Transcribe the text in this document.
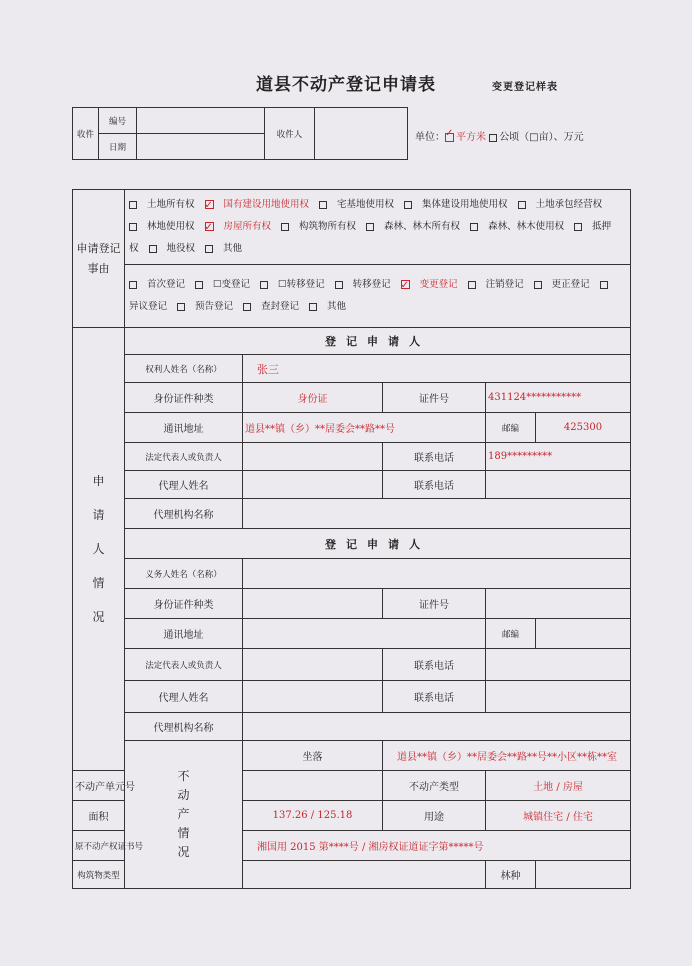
道县不动产登记申请表	变更登记样表
收件	编号		收件人	
	日期			
单位： ✓ 平方米 公顷（□亩）、万元
申请登记事由	土地所有权 ✓ 国有建设用地使用权 宅基地使用权 集体建设用地使用权 土地承包经营权林地使用权 ✓ 房屋所有权 构筑物所有权 森林、林木所有权 森林、林木使用权 抵押权 地役权 其他
	首次登记 ☐变登记 ☐转移登记 转移登记 ✓ 变更登记 注销登记 更正登记异议登记 预告登记 查封登记 其他

申
请
人
情
况	登记申请人				
	权利人姓名（名称）	张三			
	身份证件种类	身份证	证件号	431124***********	
	通讯地址	道县**镇（乡）**居委会**路**号		邮编	425300
	法定代表人或负责人		联系电话	189*********	
	代理人姓名		联系电话		
	代理机构名称				
	登记申请人				
	义务人姓名（名称）				
	身份证件种类		证件号		
	通讯地址			邮编	
	法定代表人或负责人		联系电话		
	代理人姓名		联系电话		
	代理机构名称				

	不
动
产
情
况	坐落	道县**镇（乡）**居委会**路**号**小区**栋**室		
不动产单元号			不动产类型	土地 / 房屋	
面积		137.26 / 125.18	用途	城镇住宅 / 住宅	
原不动产权证书号		湘国用 2015 第****号 / 湘房权证道证字第*****号			
构筑物类型				林种	
